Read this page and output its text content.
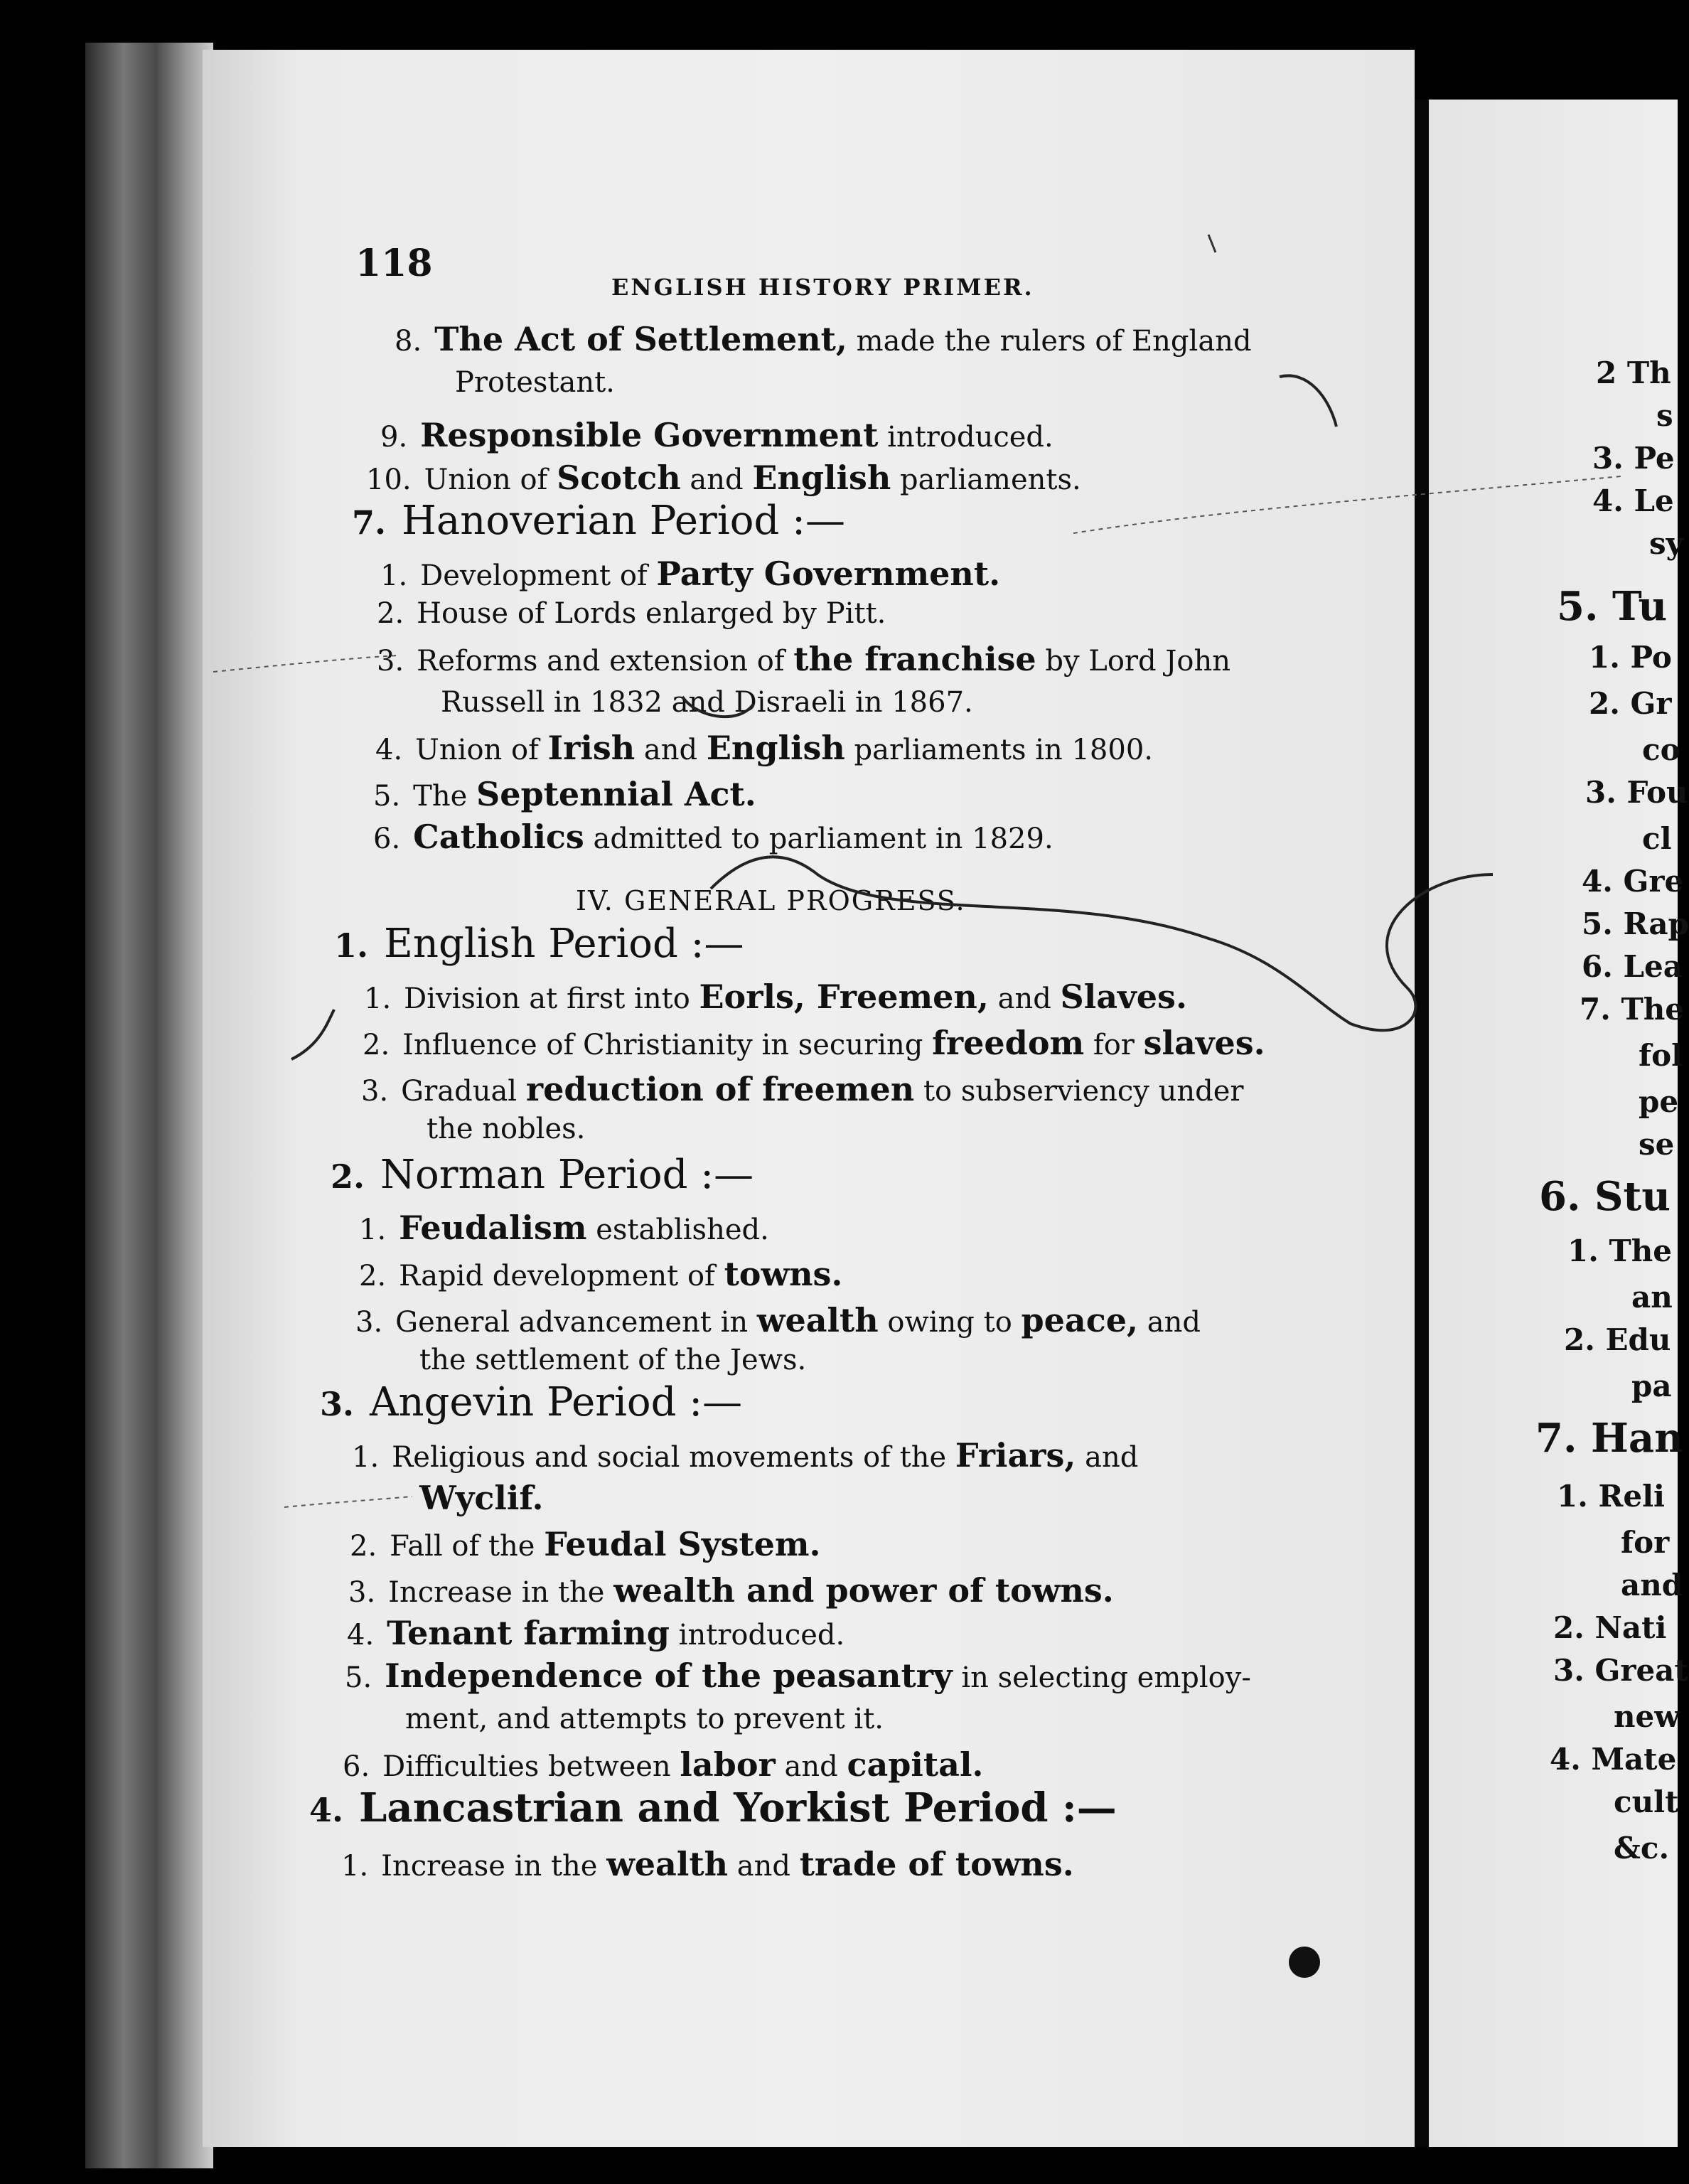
118
ENGLISH HISTORY PRIMER.
8. The Act of Settlement, made the rulers of England
Protestant.
9. Responsible Government introduced.
10. Union of Scotch and English parliaments.
7. Hanoverian Period :—
1. Development of Party Government.
2. House of Lords enlarged by Pitt.
3. Reforms and extension of the franchise by Lord John
Russell in 1832 and Disraeli in 1867.
4. Union of Irish and English parliaments in 1800.
5. The Septennial Act.
6. Catholics admitted to parliament in 1829.
IV. GENERAL PROGRESS.
1. English Period :—
1. Division at first into Eorls, Freemen, and Slaves.
2. Influence of Christianity in securing freedom for slaves.
3. Gradual reduction of freemen to subserviency under
the nobles.
2. Norman Period :—
1. Feudalism established.
2. Rapid development of towns.
3. General advancement in wealth owing to peace, and
the settlement of the Jews.
3. Angevin Period :—
1. Religious and social movements of the Friars, and
Wyclif.
2. Fall of the Feudal System.
3. Increase in the wealth and power of towns.
4. Tenant farming introduced.
5. Independence of the peasantry in selecting employ-
ment, and attempts to prevent it.
6. Difficulties between labor and capital.
4. Lancastrian and Yorkist Period :—
1. Increase in the wealth and trade of towns.
2 Th
s
3. Pe
4. Le
sy
5. Tu
1. Po
2. Gr
co
3. Fou
cl
4. Gre
5. Rap
6. Lea
7. The
fol
pe
se
6. Stu
1. The
an
2. Edu
pa
7. Han
1. Reli
for
and
2. Nati
3. Great
new
4. Mate
cult
&c.
